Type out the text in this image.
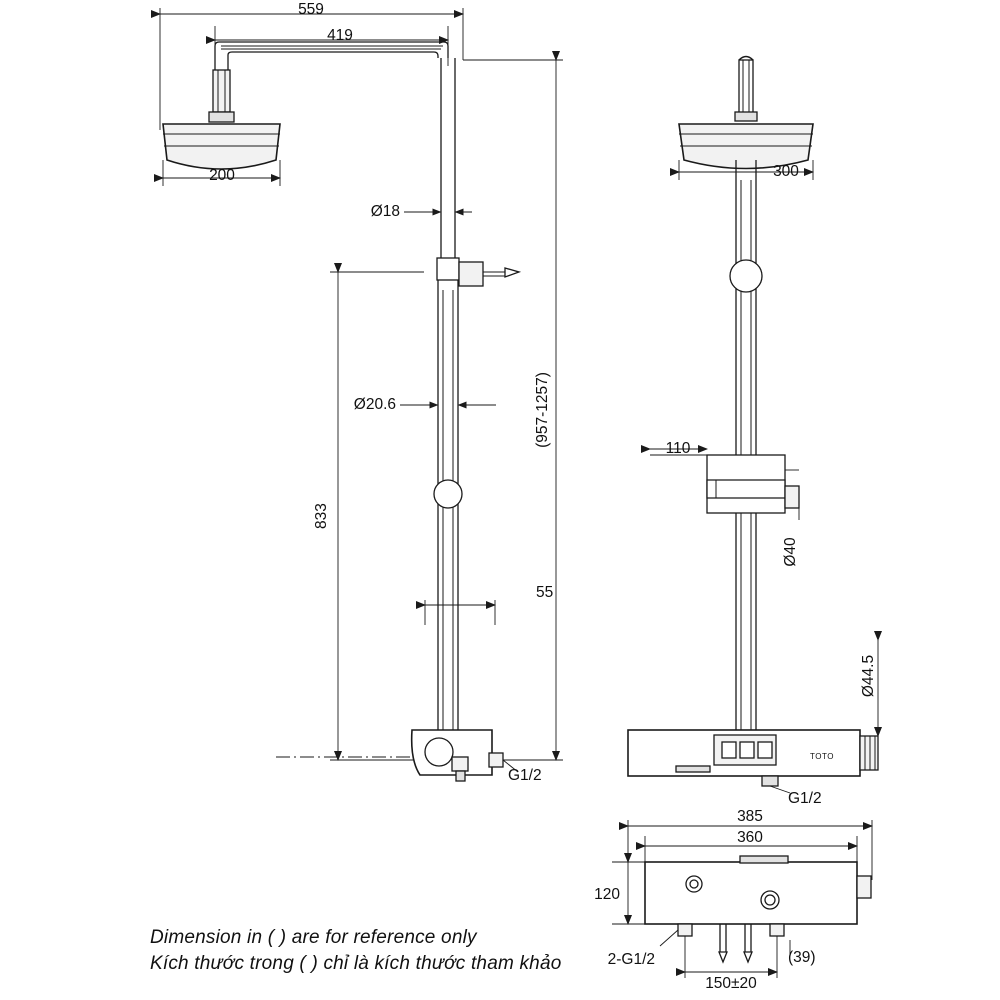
559
419
200
Ø18
Ø20.6
833
(957-1257)
55
G1/2
300
110
Ø40
Ø44.5
G1/2
385
360
120
2-G1/2
150±20
(39)
TOTO
Dimension in ( ) are for reference only
Kích thước trong ( ) chỉ là kích thước tham khảo
